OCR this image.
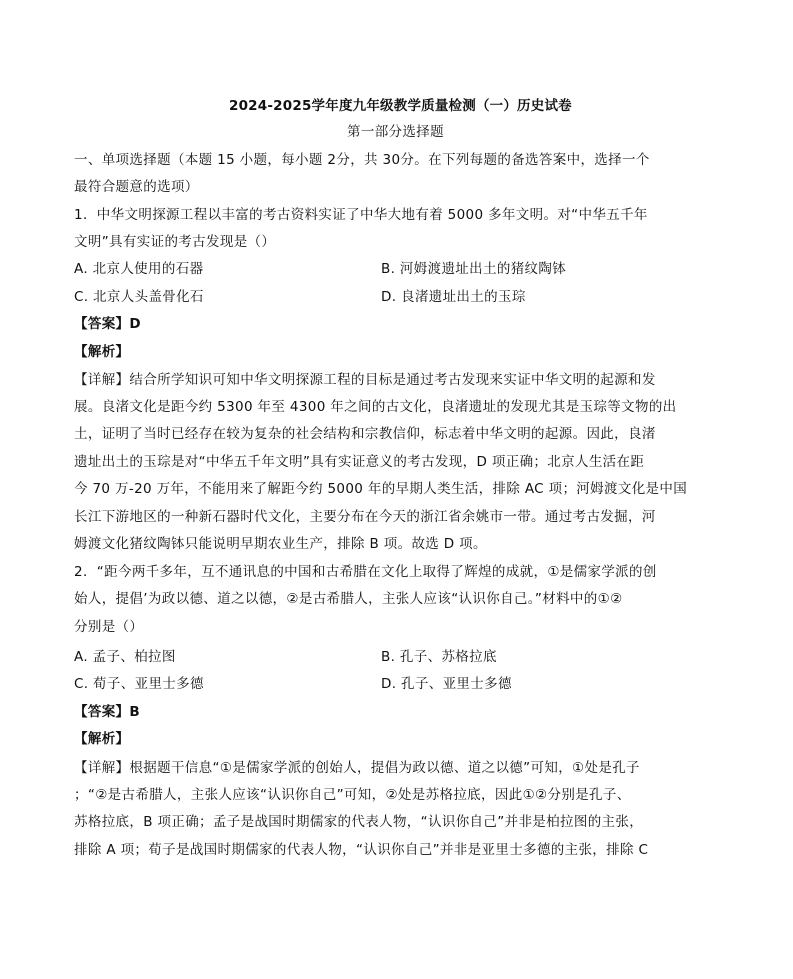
2024-2025学年度九年级教学质量检测（一）历史试卷
第一部分选择题
一、单项选择题（本题 15 小题，每小题 2分，共 30分。在下列每题的备选答案中，选择一个
最符合题意的选项）
1．中华文明探源工程以丰富的考古资料实证了中华大地有着 5000 多年文明。对“中华五千年
文明”具有实证的考古发现是（）
A. 北京人使用的石器	B. 河姆渡遗址出土的猪纹陶钵
C. 北京人头盖骨化石	D. 良渚遗址出土的玉琮
【答案】D
【解析】
【详解】结合所学知识可知中华文明探源工程的目标是通过考古发现来实证中华文明的起源和发
展。良渚文化是距今约 5300 年至 4300 年之间的古文化，良渚遗址的发现尤其是玉琮等文物的出
土，证明了当时已经存在较为复杂的社会结构和宗教信仰，标志着中华文明的起源。因此，良渚
遗址出土的玉琮是对“中华五千年文明”具有实证意义的考古发现，D 项正确；北京人生活在距
今 70 万-20 万年，不能用来了解距今约 5000 年的早期人类生活，排除 AC 项；河姆渡文化是中国
长江下游地区的一种新石器时代文化，主要分布在今天的浙江省余姚市一带。通过考古发掘，河
姆渡文化猪纹陶钵只能说明早期农业生产，排除 B 项。故选 D 项。
2．“距今两千多年，互不通讯息的中国和古希腊在文化上取得了辉煌的成就，①是儒家学派的创
始人，提倡’为政以德、道之以德，②是古希腊人，主张人应该“认识你自己。”材料中的①②
分别是（）
A. 孟子、柏拉图	B. 孔子、苏格拉底
C. 荀子、亚里士多德	D. 孔子、亚里士多德
【答案】B
【解析】
【详解】根据题干信息“①是儒家学派的创始人，提倡为政以德、道之以德”可知，①处是孔子
；“②是古希腊人，主张人应该“认识你自己”可知，②处是苏格拉底，因此①②分别是孔子、
苏格拉底，B 项正确；孟子是战国时期儒家的代表人物，“认识你自己”并非是柏拉图的主张，
排除 A 项；荀子是战国时期儒家的代表人物，“认识你自己”并非是亚里士多德的主张，排除 C
